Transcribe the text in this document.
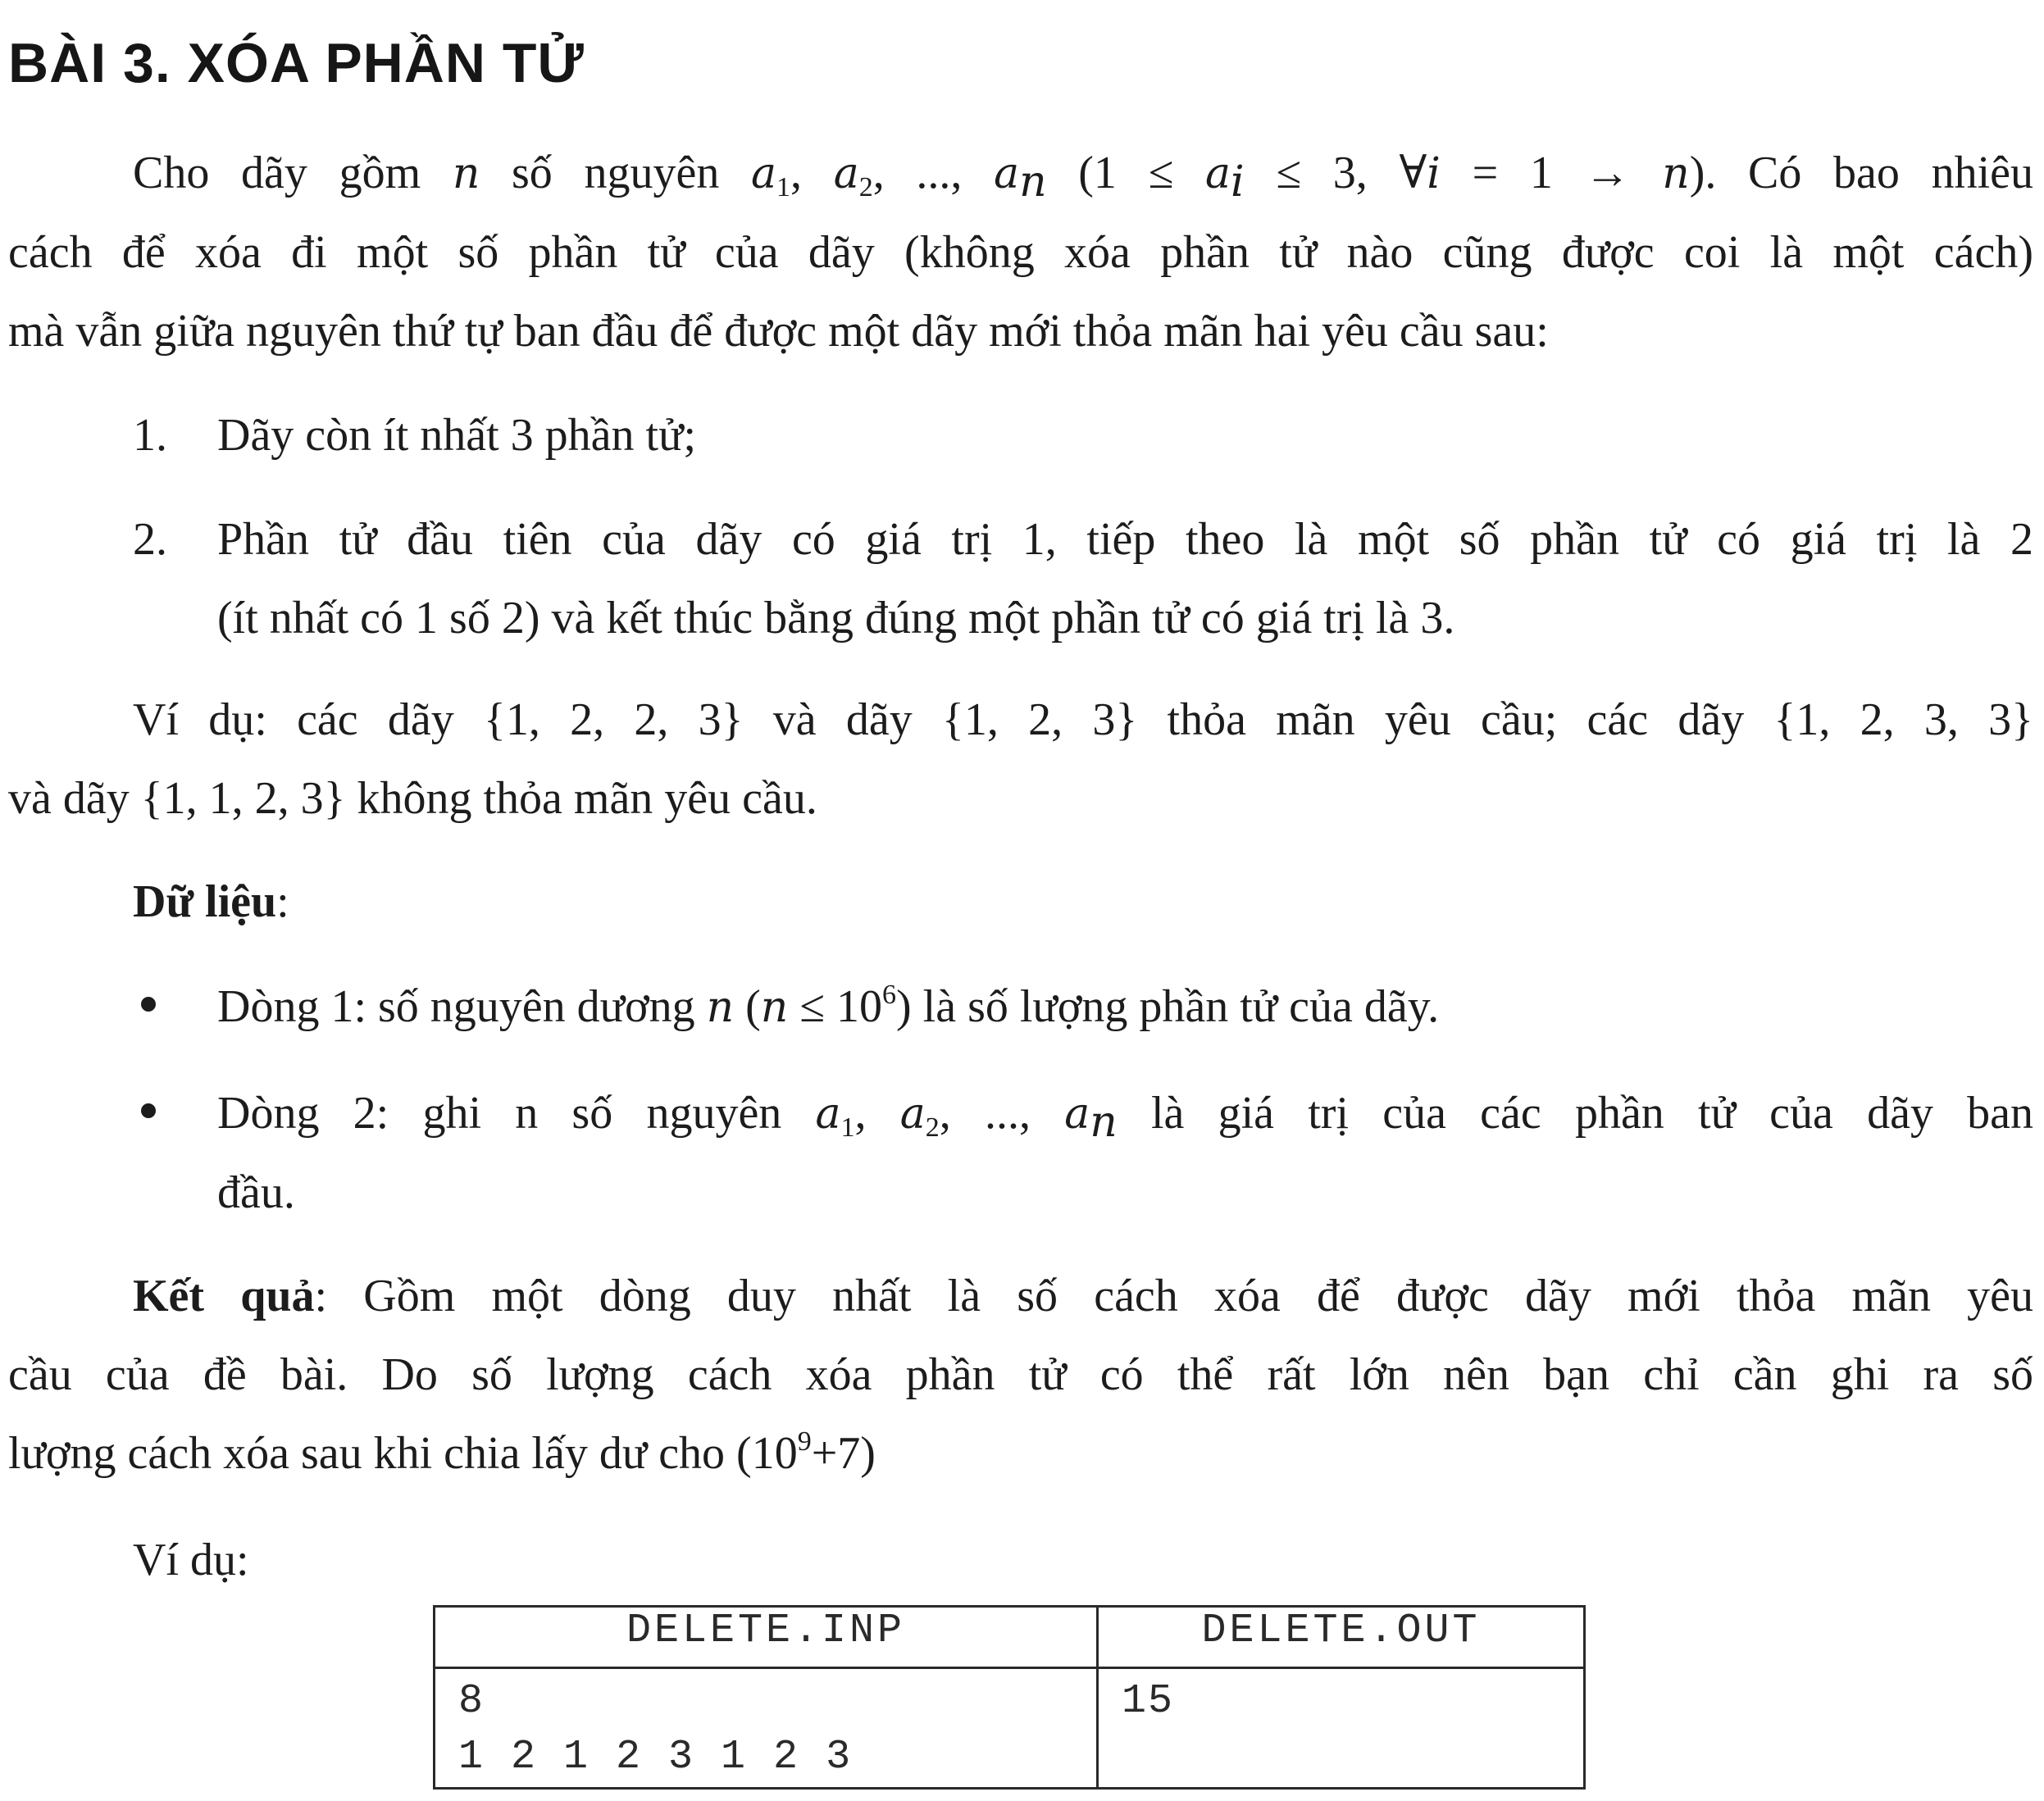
BÀI 3. XÓA PHẦN TỬ
Cho dãy gồm n số nguyên $a_1$, $a_2$, ..., $a_n$ ($1 \le a_i \le 3$, ∀i = 1 → n). Có bao nhiêu
cách để xóa đi một số phần tử của dãy (không xóa phần tử nào cũng được coi là một cách)
mà vẫn giữa nguyên thứ tự ban đầu để được một dãy mới thỏa mãn hai yêu cầu sau:
1. Dãy còn ít nhất 3 phần tử;
2. Phần tử đầu tiên của dãy có giá trị 1, tiếp theo là một số phần tử có giá trị là 2
(ít nhất có 1 số 2) và kết thúc bằng đúng một phần tử có giá trị là 3.
Ví dụ: các dãy {1, 2, 2, 3} và dãy {1, 2, 3} thỏa mãn yêu cầu; các dãy {1, 2, 3, 3}
và dãy {1, 1, 2, 3} không thỏa mãn yêu cầu.
Dữ liệu:
Dòng 1: số nguyên dương n $(n \le 10^6)$ là số lượng phần tử của dãy.
Dòng 2: ghi n số nguyên $a_1$, $a_2$, ..., $a_n$ là giá trị của các phần tử của dãy ban
đầu.
Kết quả: Gồm một dòng duy nhất là số cách xóa để được dãy mới thỏa mãn yêu
cầu của đề bài. Do số lượng cách xóa phần tử có thể rất lớn nên bạn chỉ cần ghi ra số
lượng cách xóa sau khi chia lấy dư cho $(10^9+7)$
Ví dụ:
DELETE.INP	DELETE.OUT

8
1 2 1 2 3 1 2 3	15
